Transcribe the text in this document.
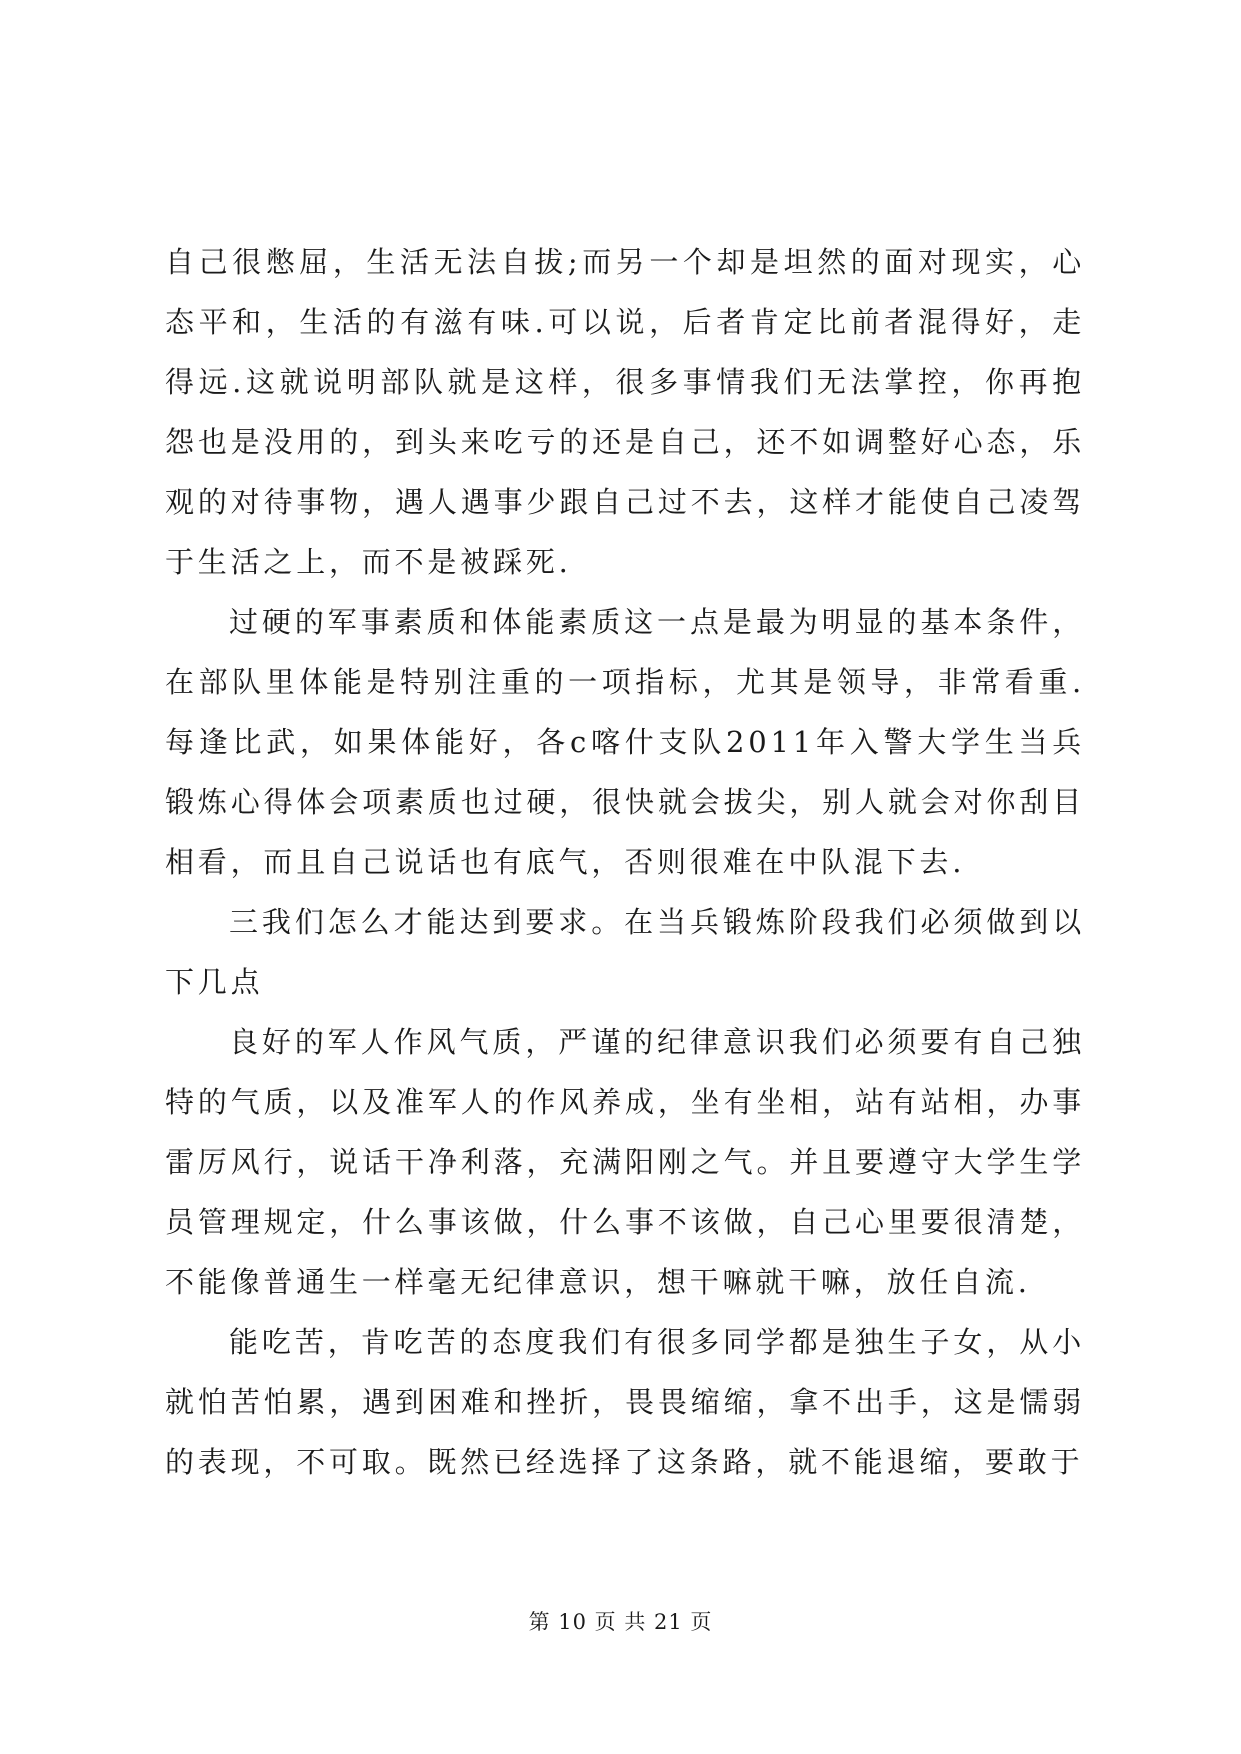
自己很憋屈，生活无法自拔;而另一个却是坦然的面对现实，心态平和，生活的有滋有味.可以说，后者肯定比前者混得好，走得远.这就说明部队就是这样，很多事情我们无法掌控，你再抱怨也是没用的，到头来吃亏的还是自己，还不如调整好心态，乐观的对待事物，遇人遇事少跟自己过不去，这样才能使自己凌驾于生活之上，而不是被踩死.

过硬的军事素质和体能素质这一点是最为明显的基本条件，在部队里体能是特别注重的一项指标，尤其是领导，非常看重.每逢比武，如果体能好，各c喀什支队2011年入警大学生当兵锻炼心得体会项素质也过硬，很快就会拔尖，别人就会对你刮目相看，而且自己说话也有底气，否则很难在中队混下去.

三我们怎么才能达到要求。在当兵锻炼阶段我们必须做到以下几点

良好的军人作风气质，严谨的纪律意识我们必须要有自己独特的气质，以及准军人的作风养成，坐有坐相，站有站相，办事雷厉风行，说话干净利落，充满阳刚之气。并且要遵守大学生学员管理规定，什么事该做，什么事不该做，自己心里要很清楚，不能像普通生一样毫无纪律意识，想干嘛就干嘛，放任自流.

能吃苦，肯吃苦的态度我们有很多同学都是独生子女，从小就怕苦怕累，遇到困难和挫折，畏畏缩缩，拿不出手，这是懦弱的表现，不可取。既然已经选择了这条路，就不能退缩，要敢于

第 10 页 共 21 页
